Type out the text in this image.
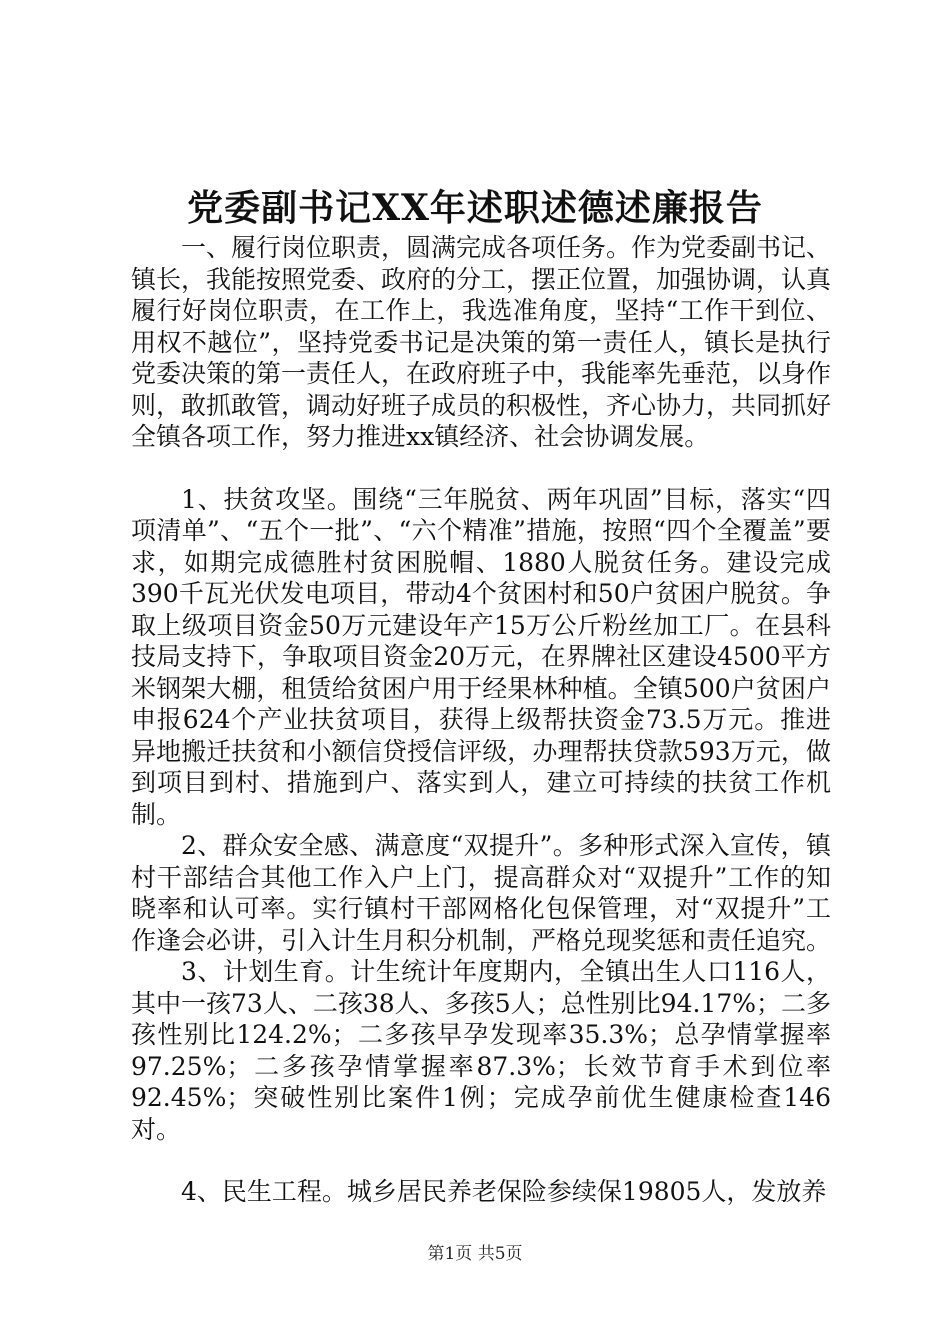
党委副书记XX年述职述德述廉报告

一、履行岗位职责，圆满完成各项任务。作为党委副书记、镇长，我能按照党委、政府的分工，摆正位置，加强协调，认真履行好岗位职责，在工作上，我选准角度，坚持“工作干到位、用权不越位”，坚持党委书记是决策的第一责任人，镇长是执行党委决策的第一责任人，在政府班子中，我能率先垂范，以身作则，敢抓敢管，调动好班子成员的积极性，齐心协力，共同抓好全镇各项工作，努力推进xx镇经济、社会协调发展。

1、扶贫攻坚。围绕“三年脱贫、两年巩固”目标，落实“四项清单”、“五个一批”、“六个精准”措施，按照“四个全覆盖”要求，如期完成德胜村贫困脱帽、1880人脱贫任务。建设完成390千瓦光伏发电项目，带动4个贫困村和50户贫困户脱贫。争取上级项目资金50万元建设年产15万公斤粉丝加工厂。在县科技局支持下，争取项目资金20万元，在界牌社区建设4500平方米钢架大棚，租赁给贫困户用于经果林种植。全镇500户贫困户申报624个产业扶贫项目，获得上级帮扶资金73.5万元。推进异地搬迁扶贫和小额信贷授信评级，办理帮扶贷款593万元，做到项目到村、措施到户、落实到人，建立可持续的扶贫工作机制。

2、群众安全感、满意度“双提升”。多种形式深入宣传，镇村干部结合其他工作入户上门，提高群众对“双提升”工作的知晓率和认可率。实行镇村干部网格化包保管理，对“双提升”工作逢会必讲，引入计生月积分机制，严格兑现奖惩和责任追究。

3、计划生育。计生统计年度期内，全镇出生人口116人，其中一孩73人、二孩38人、多孩5人；总性别比94.17%；二多孩性别比124.2%；二多孩早孕发现率35.3%；总孕情掌握率97.25%；二多孩孕情掌握率87.3%；长效节育手术到位率92.45%；突破性别比案件1例；完成孕前优生健康检查146对。

4、民生工程。城乡居民养老保险参续保19805人，发放养

第1页 共5页
